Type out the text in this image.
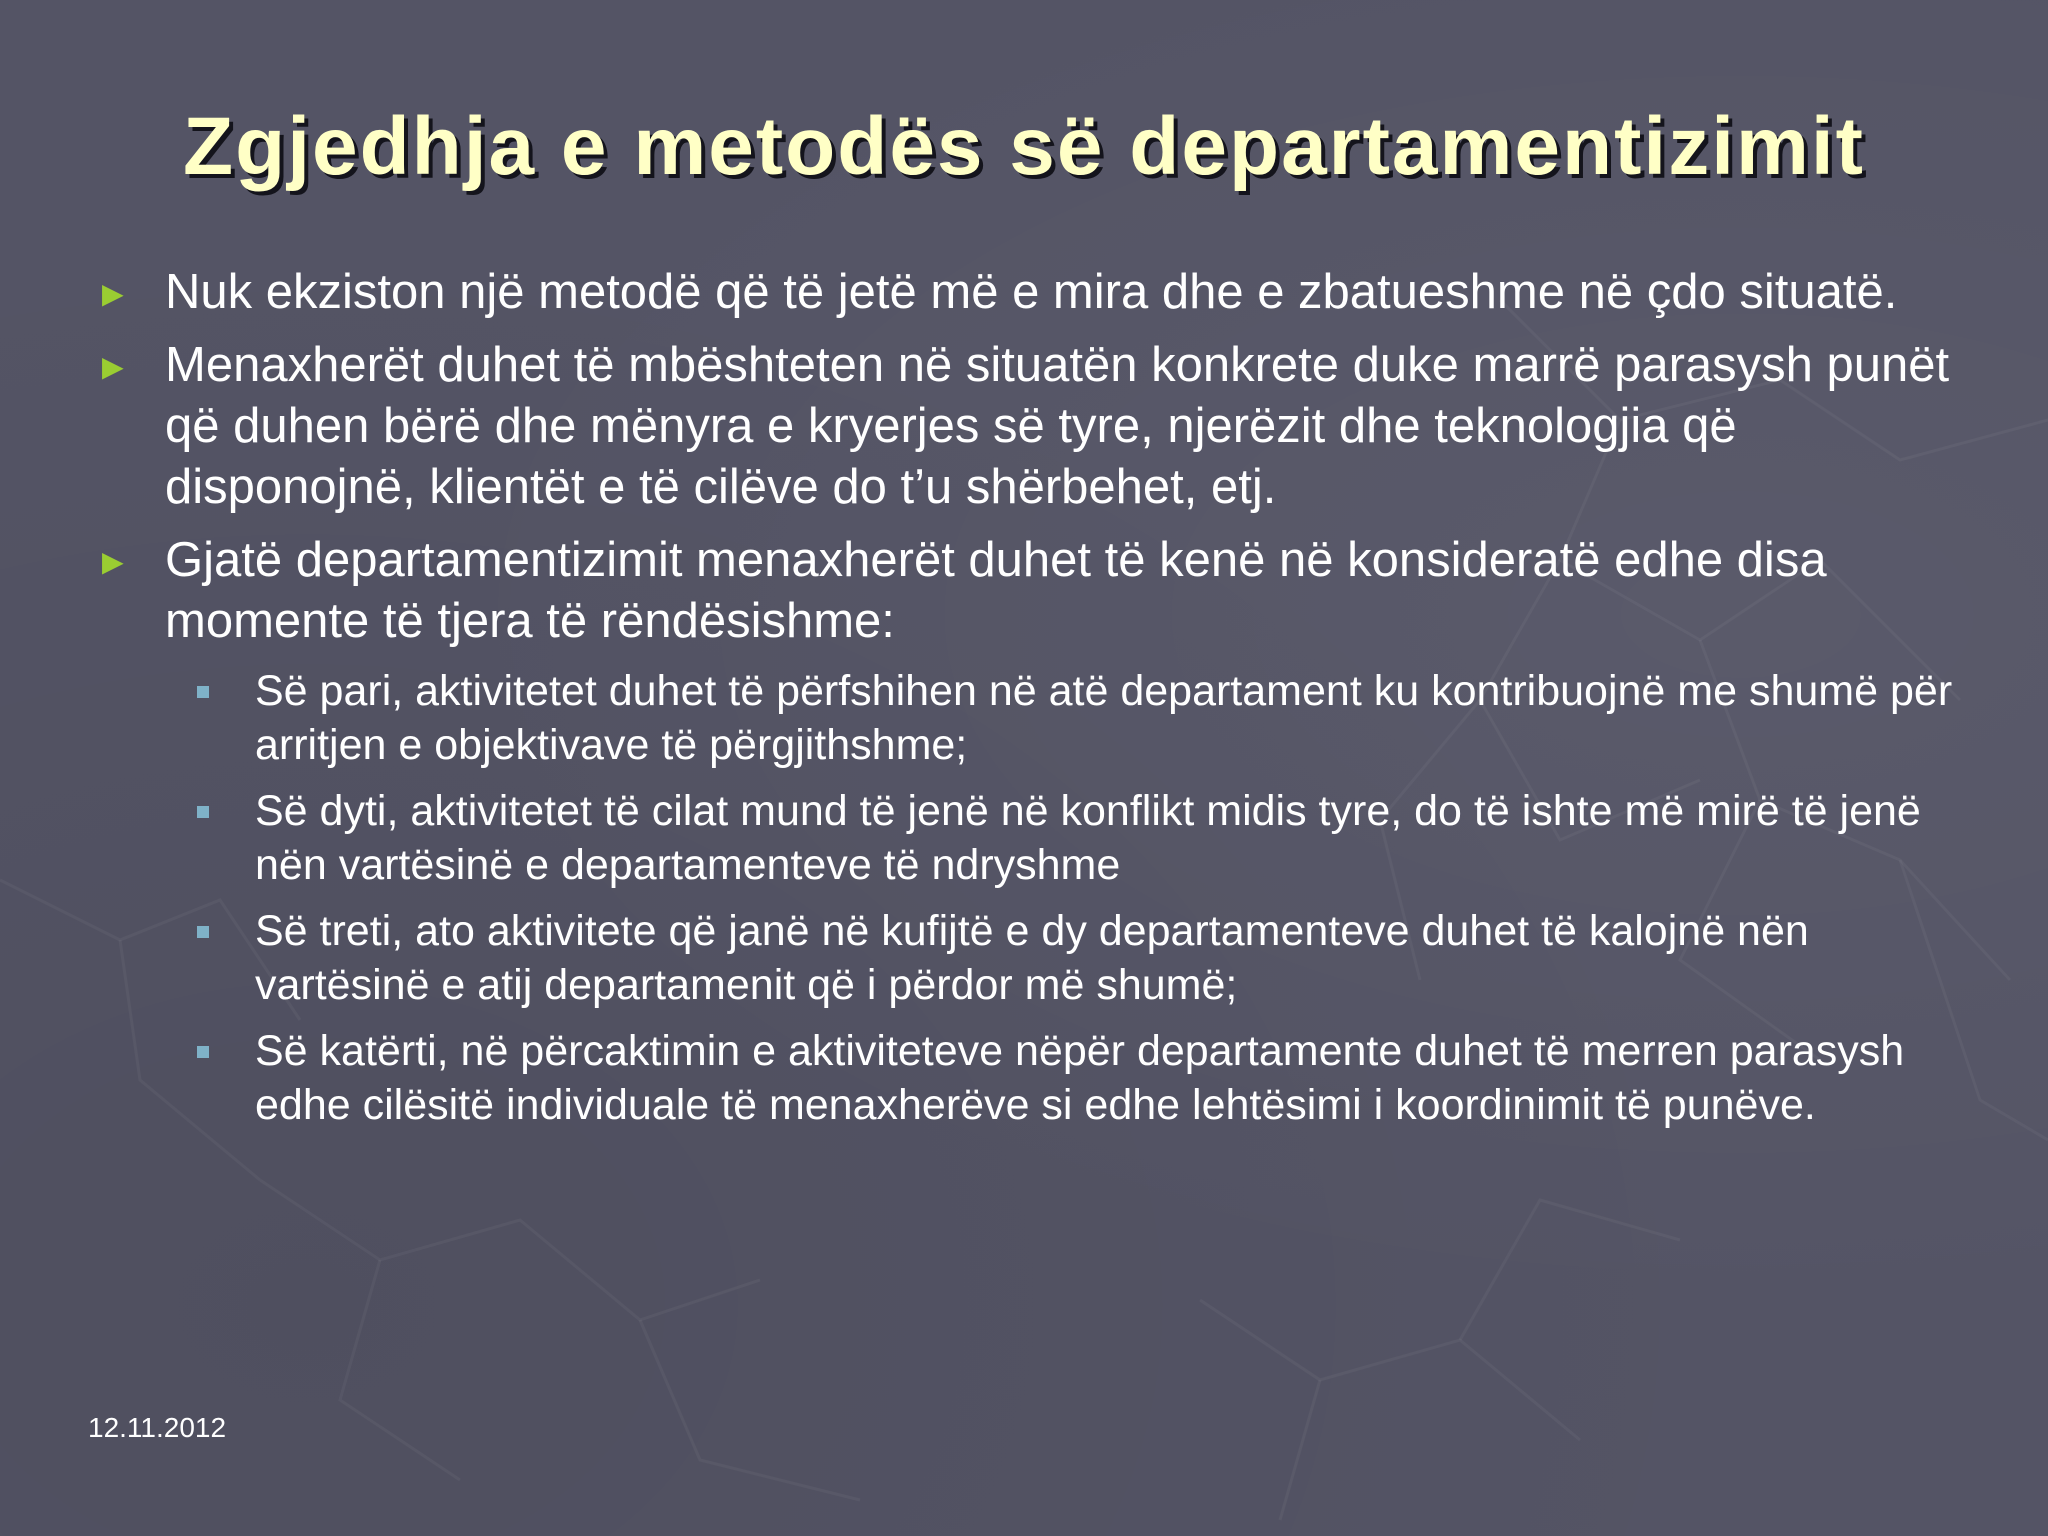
Zgjedhja e metodës së departamentizimit
► Nuk ekziston një metodë që të jetë më e mira dhe e zbatueshme në çdo situatë.
► Menaxherët duhet të mbështeten në situatën konkrete duke marrë parasysh punët që duhen bërë dhe mënyra e kryerjes së tyre, njerëzit dhe teknologjia që disponojnë, klientët e të cilëve do t’u shërbehet, etj.
► Gjatë departamentizimit menaxherët duhet të kenë në konsideratë edhe disa momente të tjera të rëndësishme:
Së pari, aktivitetet duhet të përfshihen në atë departament ku kontribuojnë me shumë për arritjen e objektivave të përgjithshme;
Së dyti, aktivitetet të cilat mund të jenë në konflikt midis tyre, do të ishte më mirë të jenë nën vartësinë e departamenteve të ndryshme
Së treti, ato aktivitete që janë në kufijtë e dy departamenteve duhet të kalojnë nën vartësinë e atij departamenit që i përdor më shumë;
Së katërti, në përcaktimin e aktiviteteve nëpër departamente duhet të merren parasysh edhe cilësitë individuale të menaxherëve si edhe lehtësimi i koordinimit të punëve.
12.11.2012
